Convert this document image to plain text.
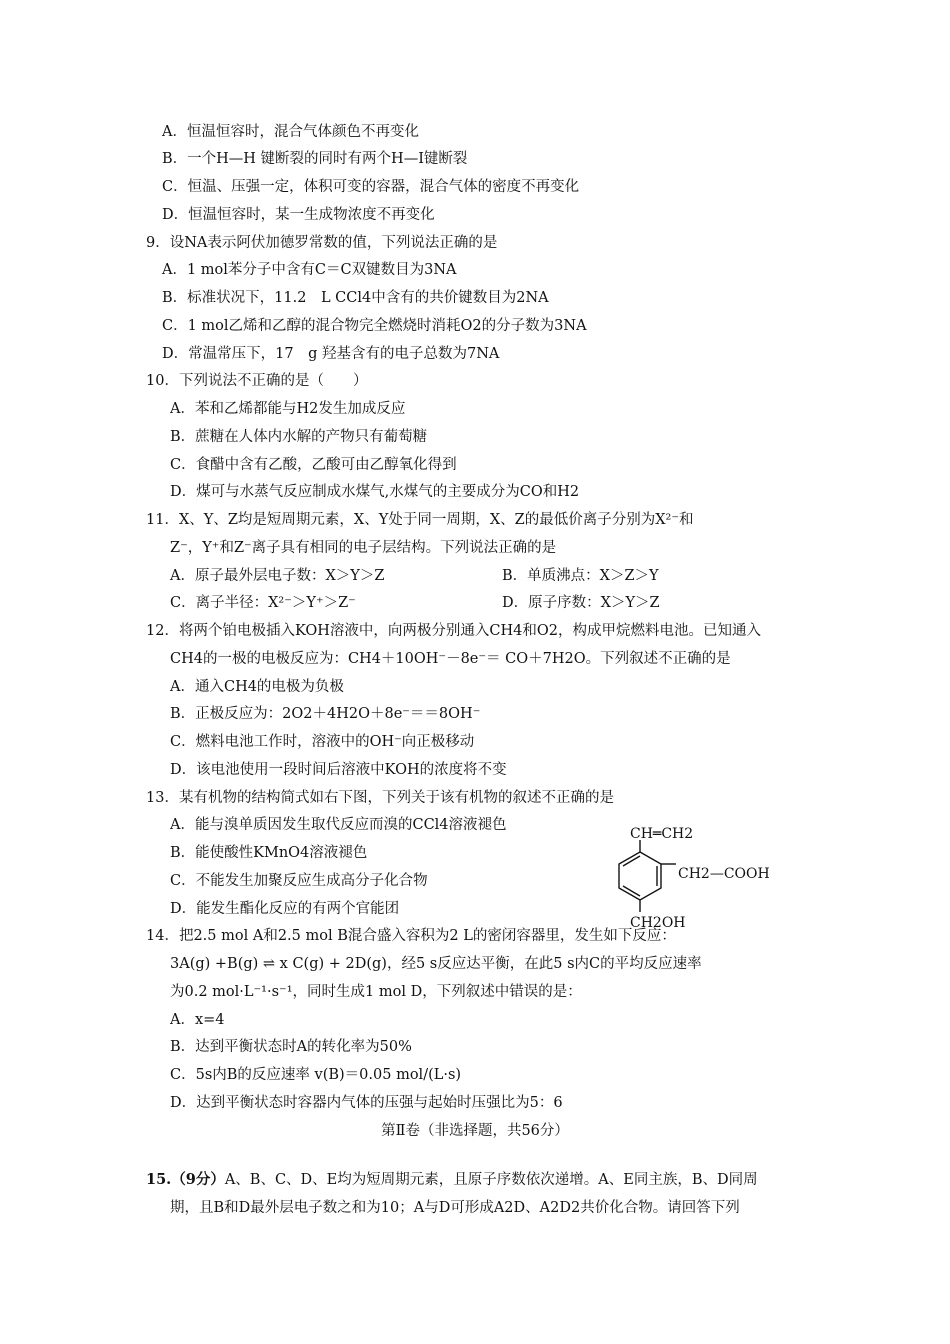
A．恒温恒容时，混合气体颜色不再变化
B．一个H—H 键断裂的同时有两个H—I键断裂
C．恒温、压强一定，体积可变的容器，混合气体的密度不再变化
D．恒温恒容时，某一生成物浓度不再变化
9．设NA表示阿伏加德罗常数的值，下列说法正确的是
A．1 mol苯分子中含有C＝C双键数目为3NA
B．标准状况下，11.2　L CCl4中含有的共价键数目为2NA
C．1 mol乙烯和乙醇的混合物完全燃烧时消耗O2的分子数为3NA
D．常温常压下，17　g 羟基含有的电子总数为7NA
10．下列说法不正确的是（　　）
A．苯和乙烯都能与H2发生加成反应
B．蔗糖在人体内水解的产物只有葡萄糖
C．食醋中含有乙酸，乙酸可由乙醇氧化得到
D．煤可与水蒸气反应制成水煤气,水煤气的主要成分为CO和H2
11．X、Y、Z均是短周期元素，X、Y处于同一周期，X、Z的最低价离子分别为X²⁻和
Z⁻，Y⁺和Z⁻离子具有相同的电子层结构。下列说法正确的是
A．原子最外层电子数：X＞Y＞Z	B．单质沸点：X＞Z＞Y
C．离子半径：X²⁻＞Y⁺＞Z⁻	D．原子序数：X＞Y＞Z
12．将两个铂电极插入KOH溶液中，向两极分别通入CH4和O2，构成甲烷燃料电池。已知通入
CH4的一极的电极反应为：CH4＋10OH⁻－8e⁻＝ CO＋7H2O。下列叙述不正确的是
A．通入CH4的电极为负极
B．正极反应为：2O2＋4H2O＋8e⁻＝＝8OH⁻
C．燃料电池工作时，溶液中的OH⁻向正极移动
D．该电池使用一段时间后溶液中KOH的浓度将不变
13．某有机物的结构简式如右下图，下列关于该有机物的叙述不正确的是
A．能与溴单质因发生取代反应而溴的CCl4溶液褪色
B．能使酸性KMnO4溶液褪色
C．不能发生加聚反应生成高分子化合物
D．能发生酯化反应的有两个官能团
CH═CH2
CH2—COOH
CH2OH
14．把2.5 mol A和2.5 mol B混合盛入容积为2 L的密闭容器里，发生如下反应：
3A(g) +B(g) ⇌ x C(g) + 2D(g)，经5 s反应达平衡，在此5 s内C的平均反应速率
为0.2 mol·L⁻¹·s⁻¹，同时生成1 mol D，下列叙述中错误的是：
A．x=4
B．达到平衡状态时A的转化率为50%
C．5s内B的反应速率 v(B)＝0.05 mol/(L·s)
D．达到平衡状态时容器内气体的压强与起始时压强比为5：6
第Ⅱ卷（非选择题，共56分）
15.（9分）A、B、C、D、E均为短周期元素，且原子序数依次递增。A、E同主族，B、D同周
期，且B和D最外层电子数之和为10；A与D可形成A2D、A2D2共价化合物。请回答下列
